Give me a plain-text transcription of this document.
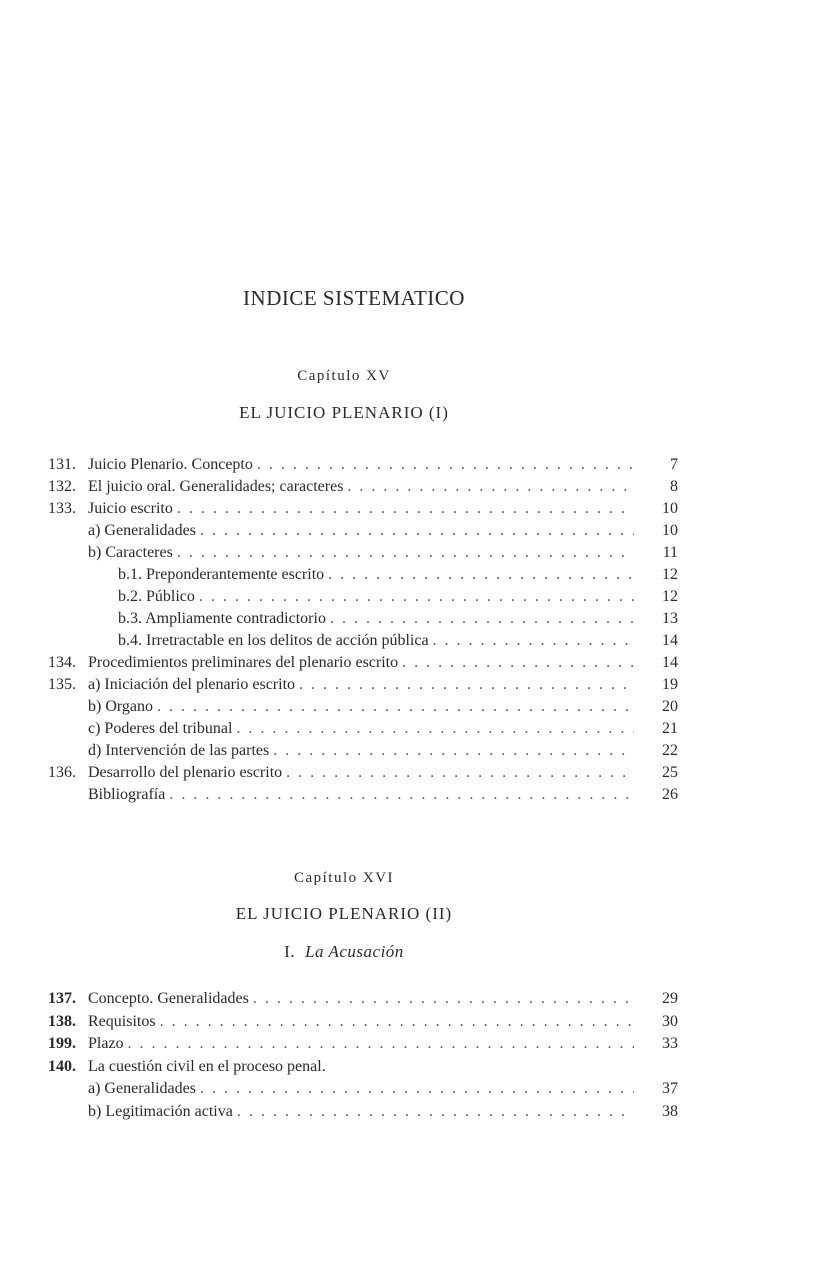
INDICE SISTEMATICO
Capítulo XV
EL JUICIO PLENARIO (I)
131. Juicio Plenario. Concepto . . .	7
132. El juicio oral. Generalidades; caracteres . . .	8
133. Juicio escrito . . .	10
a) Generalidades . . .	10
b) Caracteres . . .	11
b.1. Preponderantemente escrito . . .	12
b.2. Público . . .	12
b.3. Ampliamente contradictorio . . .	13
b.4. Irretractable en los delitos de acción pública . . .	14
134. Procedimientos preliminares del plenario escrito . . .	14
135. a) Iniciación del plenario escrito . . .	19
b) Organo . . .	20
c) Poderes del tribunal . . .	21
d) Intervención de las partes . . .	22
136. Desarrollo del plenario escrito . . .	25
Bibliografía . . .	26
Capítulo XVI
EL JUICIO PLENARIO (II)
I. La Acusación
137. Concepto. Generalidades . . .	29
138. Requisitos . . .	30
199. Plazo . . .	33
140. La cuestión civil en el proceso penal.
a) Generalidades . . .	37
b) Legitimación activa . . .	38
